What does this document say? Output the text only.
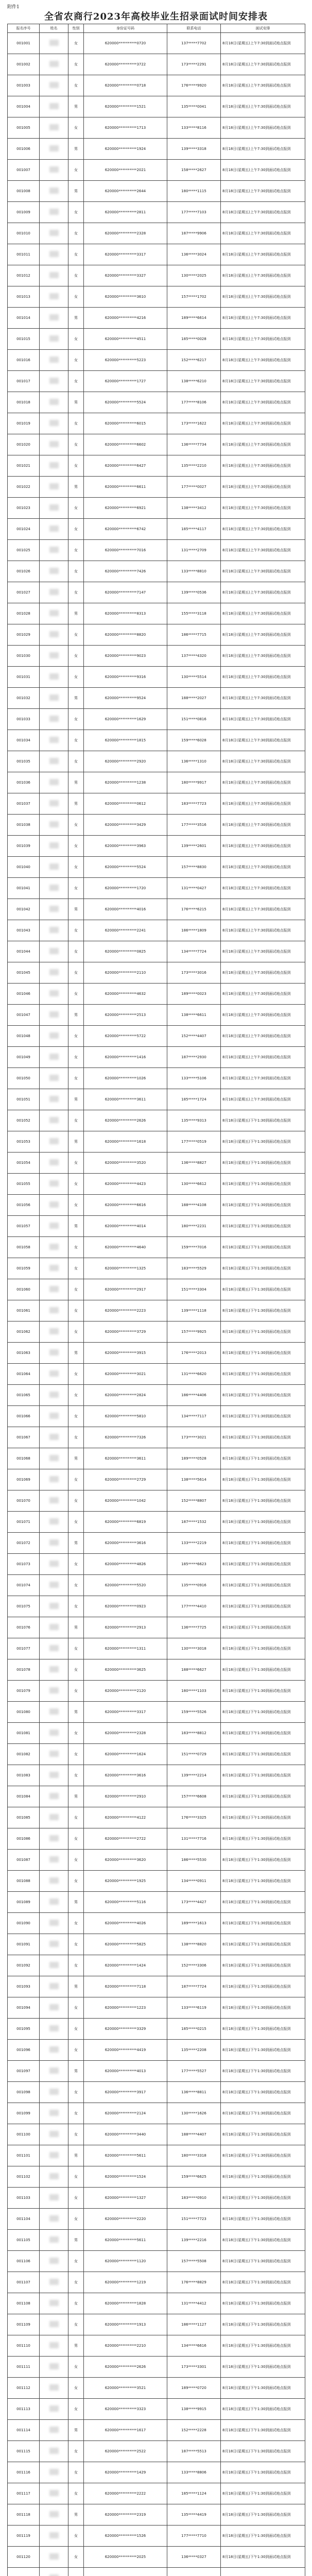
附件1
全省农商行2023年高校毕业生招录面试时间安排表
报名序号	姓名	性别	身份证号码	联系电话	面试安排
001001		女	620000**********0720	137*****7702	8月18日(星期五)上午7:30到面试地点报到
001002		女	620000**********3722	173*****2291	8月18日(星期五)上午7:30到面试地点报到
001003		女	620000**********0718	176*****9920	8月18日(星期五)上午7:30到面试地点报到
001004		男	620000**********1521	135*****0041	8月18日(星期五)上午7:30到面试地点报到
001005		女	620000**********1713	133*****8116	8月18日(星期五)上午7:30到面试地点报到
001006		男	620000**********1924	139*****3318	8月18日(星期五)上午7:30到面试地点报到
001007		女	620000**********2021	158*****2627	8月18日(星期五)上午7:30到面试地点报到
001008		男	620000**********2644	180*****1115	8月18日(星期五)上午7:30到面试地点报到
001009		女	620000**********2811	177*****7103	8月18日(星期五)上午7:30到面试地点报到
001010		女	620000**********2328	187*****9906	8月18日(星期五)上午7:30到面试地点报到
001011		女	620000**********3317	136*****3024	8月18日(星期五)上午7:30到面试地点报到
001012		女	620000**********3327	130*****2025	8月18日(星期五)上午7:30到面试地点报到
001013		女	620000**********3610	157*****1702	8月18日(星期五)上午7:30到面试地点报到
001014		男	620000**********4216	189*****6614	8月18日(星期五)上午7:30到面试地点报到
001015		女	620000**********4511	185*****0028	8月18日(星期五)上午7:30到面试地点报到
001016		女	620000**********5223	152*****6217	8月18日(星期五)上午7:30到面试地点报到
001017		女	620000**********1727	138*****6210	8月18日(星期五)上午7:30到面试地点报到
001018		男	620000**********5524	177*****8106	8月18日(星期五)上午7:30到面试地点报到
001019		女	620000**********6015	173*****1622	8月18日(星期五)上午7:30到面试地点报到
001020		女	620000**********6602	136*****7734	8月18日(星期五)上午7:30到面试地点报到
001021		女	620000**********6427	135*****2210	8月18日(星期五)上午7:30到面试地点报到
001022		男	620000**********6611	177*****0027	8月18日(星期五)上午7:30到面试地点报到
001023		女	620000**********6921	138*****3412	8月18日(星期五)上午7:30到面试地点报到
001024		女	620000**********6742	185*****4117	8月18日(星期五)上午7:30到面试地点报到
001025		女	620000**********7016	131*****2709	8月18日(星期五)上午7:30到面试地点报到
001026		女	620000**********7426	133*****8810	8月18日(星期五)上午7:30到面试地点报到
001027		女	620000**********7147	139*****0536	8月18日(星期五)上午7:30到面试地点报到
001028		男	620000**********8313	155*****3118	8月18日(星期五)上午7:30到面试地点报到
001029		女	620000**********8820	186*****7715	8月18日(星期五)上午7:30到面试地点报到
001030		女	620000**********9023	137*****4320	8月18日(星期五)上午7:30到面试地点报到
001031		女	620000**********9316	130*****5514	8月18日(星期五)上午7:30到面试地点报到
001032		男	620000**********9524	188*****2027	8月18日(星期五)上午7:30到面试地点报到
001033		女	620000**********1629	151*****0816	8月18日(星期五)上午7:30到面试地点报到
001034		女	620000**********1815	159*****6028	8月18日(星期五)上午7:30到面试地点报到
001035		女	620000**********2920	136*****1310	8月18日(星期五)上午7:30到面试地点报到
001036		男	620000**********1238	180*****9917	8月18日(星期五)上午7:30到面试地点报到
001037		男	620000**********0612	183*****7723	8月18日(星期五)上午7:30到面试地点报到
001038		女	620000**********3429	177*****3516	8月18日(星期五)上午7:30到面试地点报到
001039		女	620000**********3963	139*****2601	8月18日(星期五)上午7:30到面试地点报到
001040		女	620000**********5524	157*****8830	8月18日(星期五)上午7:30到面试地点报到
001041		女	620000**********1720	131*****0427	8月18日(星期五)上午7:30到面试地点报到
001042		男	620000**********4016	176*****6215	8月18日(星期五)上午7:30到面试地点报到
001043		女	620000**********2241	186*****1809	8月18日(星期五)上午7:30到面试地点报到
001044		女	620000**********0825	134*****7724	8月18日(星期五)上午7:30到面试地点报到
001045		女	620000**********2110	173*****3016	8月18日(星期五)上午7:30到面试地点报到
001046		女	620000**********4632	189*****0023	8月18日(星期五)上午7:30到面试地点报到
001047		男	620000**********2513	138*****6611	8月18日(星期五)上午7:30到面试地点报到
001048		女	620000**********5722	152*****4407	8月18日(星期五)上午7:30到面试地点报到
001049		女	620000**********1416	187*****2930	8月18日(星期五)上午7:30到面试地点报到
001050		女	620000**********1026	133*****5106	8月18日(星期五)上午7:30到面试地点报到
001051		男	620000**********3611	185*****1724	8月18日(星期五)上午7:30到面试地点报到
001052		女	620000**********2626	135*****9313	8月18日(星期五)下午1:30到面试地点报到
001053		男	620000**********1618	177*****0519	8月18日(星期五)下午1:30到面试地点报到
001054		女	620000**********3520	136*****8827	8月18日(星期五)下午1:30到面试地点报到
001055		女	620000**********4423	130*****6612	8月18日(星期五)下午1:30到面试地点报到
001056		女	620000**********6616	188*****4108	8月18日(星期五)下午1:30到面试地点报到
001057		男	620000**********4014	180*****2231	8月18日(星期五)下午1:30到面试地点报到
001058		女	620000**********4640	159*****7016	8月18日(星期五)下午1:30到面试地点报到
001059		女	620000**********1325	183*****5529	8月18日(星期五)下午1:30到面试地点报到
001060		女	620000**********2917	151*****3304	8月18日(星期五)下午1:30到面试地点报到
001061		女	620000**********2223	139*****1118	8月18日(星期五)下午1:30到面试地点报到
001062		女	620000**********3729	157*****9925	8月18日(星期五)下午1:30到面试地点报到
001063		男	620000**********3915	176*****2013	8月18日(星期五)下午1:30到面试地点报到
001064		女	620000**********3021	131*****6620	8月18日(星期五)下午1:30到面试地点报到
001065		女	620000**********2824	186*****4406	8月18日(星期五)下午1:30到面试地点报到
001066		女	620000**********5810	134*****7117	8月18日(星期五)下午1:30到面试地点报到
001067		女	620000**********7326	173*****3021	8月18日(星期五)下午1:30到面试地点报到
001068		男	620000**********3611	189*****0528	8月18日(星期五)下午1:30到面试地点报到
001069		女	620000**********2729	138*****5614	8月18日(星期五)下午1:30到面试地点报到
001070		女	620000**********1042	152*****8807	8月18日(星期五)下午1:30到面试地点报到
001071		女	620000**********6819	187*****1532	8月18日(星期五)下午1:30到面试地点报到
001072		男	620000**********3616	133*****2219	8月18日(星期五)下午1:30到面试地点报到
001073		女	620000**********4826	185*****6623	8月18日(星期五)下午1:30到面试地点报到
001074		女	620000**********5520	135*****0916	8月18日(星期五)下午1:30到面试地点报到
001075		女	620000**********0923	177*****4410	8月18日(星期五)下午1:30到面试地点报到
001076		男	620000**********2913	136*****7725	8月18日(星期五)下午1:30到面试地点报到
001077		女	620000**********1311	130*****3018	8月18日(星期五)下午1:30到面试地点报到
001078		女	620000**********3625	188*****6627	8月18日(星期五)下午1:30到面试地点报到
001079		女	620000**********2120	180*****1103	8月18日(星期五)下午1:30到面试地点报到
001080		男	620000**********3317	159*****5526	8月18日(星期五)下午1:30到面试地点报到
001081		女	620000**********2328	183*****8812	8月18日(星期五)下午1:30到面试地点报到
001082		女	620000**********1624	151*****0729	8月18日(星期五)下午1:30到面试地点报到
001083		女	620000**********3616	139*****2214	8月18日(星期五)下午1:30到面试地点报到
001084		男	620000**********2910	157*****6608	8月18日(星期五)下午1:30到面试地点报到
001085		女	620000**********4122	176*****3325	8月18日(星期五)下午1:30到面试地点报到
001086		女	620000**********2722	131*****7716	8月18日(星期五)下午1:30到面试地点报到
001087		女	620000**********3620	186*****5530	8月18日(星期五)下午1:30到面试地点报到
001088		女	620000**********1925	134*****0911	8月18日(星期五)下午1:30到面试地点报到
001089		男	620000**********5116	173*****4427	8月18日(星期五)下午1:30到面试地点报到
001090		女	620000**********4026	189*****1613	8月18日(星期五)下午1:30到面试地点报到
001091		女	620000**********5825	138*****8820	8月18日(星期五)下午1:30到面试地点报到
001092		女	620000**********1424	152*****3306	8月18日(星期五)下午1:30到面试地点报到
001093		男	620000**********7118	187*****7724	8月18日(星期五)下午1:30到面试地点报到
001094		女	620000**********1223	133*****6119	8月18日(星期五)下午1:30到面试地点报到
001095		女	620000**********3329	185*****0215	8月18日(星期五)下午1:30到面试地点报到
001096		女	620000**********4419	135*****2208	8月18日(星期五)下午1:30到面试地点报到
001097		男	620000**********4013	177*****5527	8月18日(星期五)下午1:30到面试地点报到
001098		女	620000**********3917	136*****8811	8月18日(星期五)下午1:30到面试地点报到
001099		女	620000**********2124	130*****1626	8月18日(星期五)下午1:30到面试地点报到
001100		女	620000**********3440	188*****4407	8月18日(星期五)下午1:30到面试地点报到
001101		男	620000**********5611	180*****3318	8月18日(星期五)下午1:30到面试地点报到
001102		女	620000**********1524	159*****6625	8月18日(星期五)下午1:30到面试地点报到
001103		女	620000**********1327	183*****0910	8月18日(星期五)下午1:30到面试地点报到
001104		女	620000**********2220	151*****7723	8月18日(星期五)下午1:30到面试地点报到
001105		男	620000**********5611	139*****2216	8月18日(星期五)下午1:30到面试地点报到
001106		女	620000**********1120	157*****5508	8月18日(星期五)下午1:30到面试地点报到
001107		女	620000**********1219	176*****8829	8月18日(星期五)下午1:30到面试地点报到
001108		女	620000**********1828	131*****4412	8月18日(星期五)下午1:30到面试地点报到
001109		女	620000**********1913	186*****1127	8月18日(星期五)下午1:30到面试地点报到
001110		男	620000**********2210	134*****6616	8月18日(星期五)下午1:30到面试地点报到
001111		女	620000**********2626	173*****3301	8月18日(星期五)下午1:30到面试地点报到
001112		女	620000**********3521	189*****0720	8月18日(星期五)下午1:30到面试地点报到
001113		女	620000**********3323	138*****9915	8月18日(星期五)下午1:30到面试地点报到
001114		男	620000**********1617	152*****2228	8月18日(星期五)下午1:30到面试地点报到
001115		女	620000**********2522	187*****5513	8月18日(星期五)下午1:30到面试地点报到
001116		女	620000**********1429	133*****8806	8月18日(星期五)下午1:30到面试地点报到
001117		女	620000**********2222	185*****1124	8月18日(星期五)下午1:30到面试地点报到
001118		男	620000**********2319	135*****4419	8月18日(星期五)下午1:30到面试地点报到
001119		女	620000**********1526	177*****7710	8月18日(星期五)下午1:30到面试地点报到
001120		女	620000**********2025	136*****0327	8月18日(星期五)下午1:30到面试地点报到
